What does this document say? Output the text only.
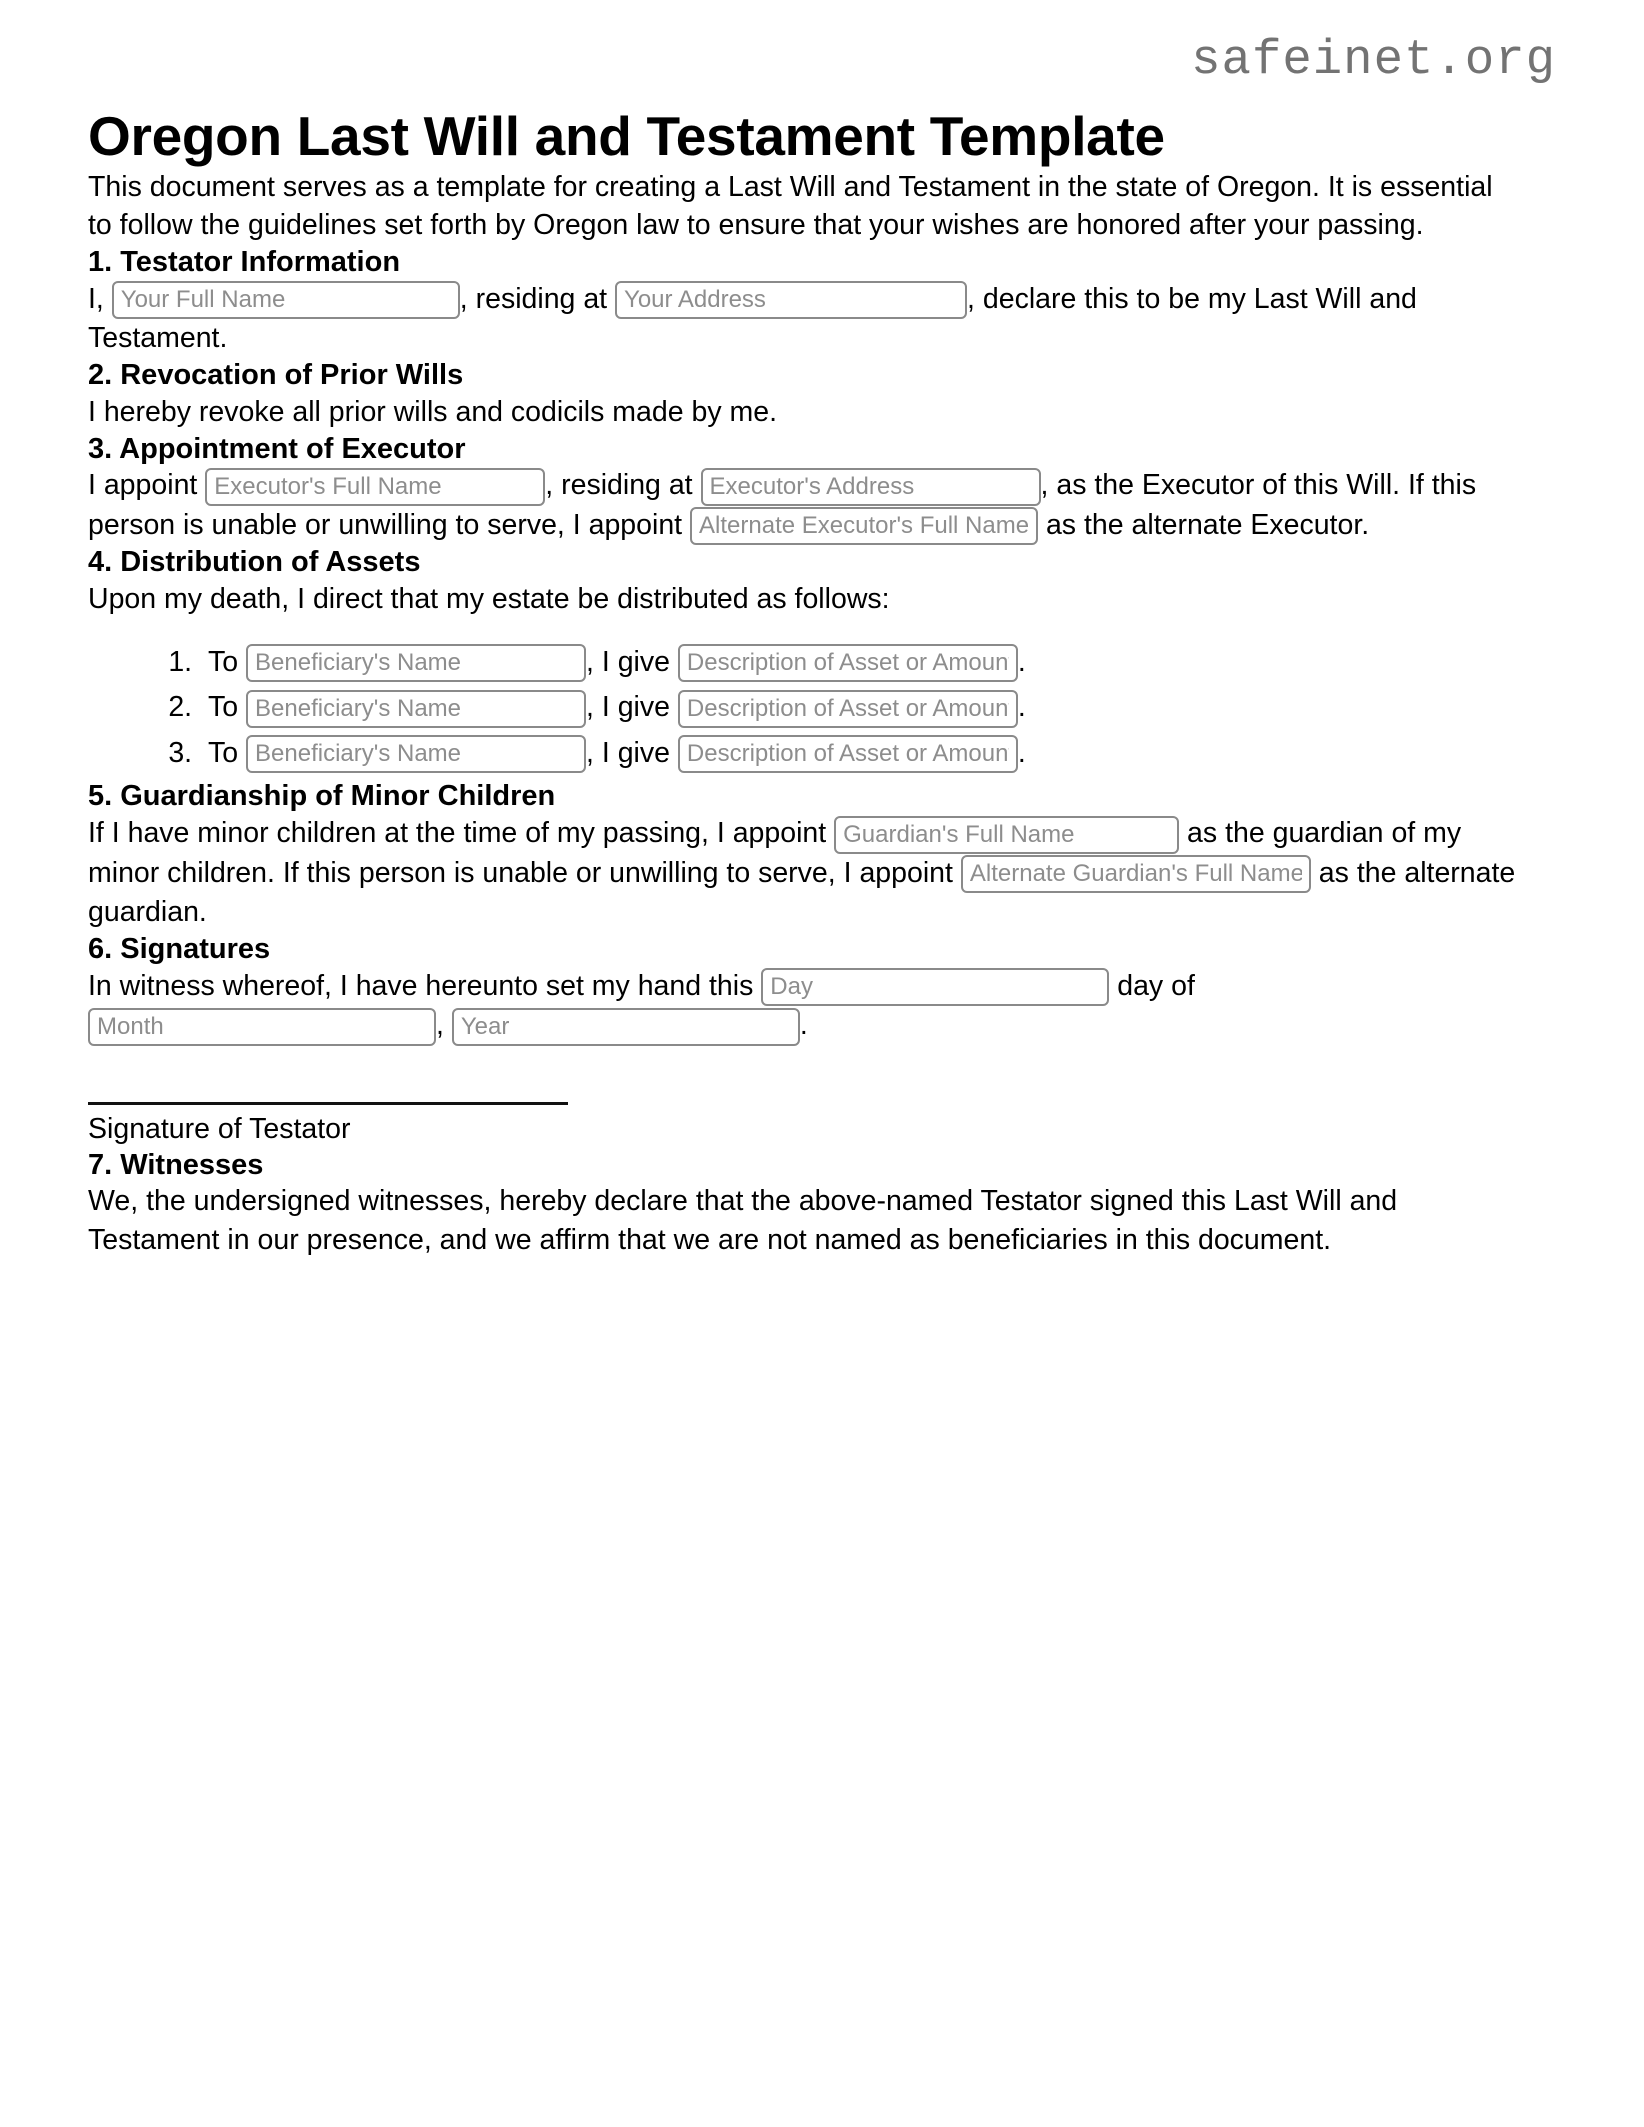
safeinet.org
Oregon Last Will and Testament Template

This document serves as a template for creating a Last Will and Testament in the state of Oregon. It is essential to follow the guidelines set forth by Oregon law to ensure that your wishes are honored after your passing.

1. Testator Information

I, Your Full Name	, residing at Your Address	, declare this to be my Last Will and Testament.

2. Revocation of Prior Wills

I hereby revoke all prior wills and codicils made by me.

3. Appointment of Executor

I appoint Executor's Full Name	, residing at Executor's Address	, as the Executor of this Will. If this person is unable or unwilling to serve, I appoint Alternate Executor's Full Name	as the alternate Executor.

4. Distribution of Assets

Upon my death, I direct that my estate be distributed as follows:

1. To Beneficiary's Name	, I give Description of Asset or Amount	.
2. To Beneficiary's Name	, I give Description of Asset or Amount	.
3. To Beneficiary's Name	, I give Description of Asset or Amount	.
5. Guardianship of Minor Children

If I have minor children at the time of my passing, I appoint Guardian's Full Name	as the guardian of my minor children. If this person is unable or unwilling to serve, I appoint Alternate Guardian's Full Name	as the alternate guardian.

6. Signatures

In witness whereof, I have hereunto set my hand this Day	day of Month, Year	.

Signature of Testator
7. Witnesses

We, the undersigned witnesses, hereby declare that the above-named Testator signed this Last Will and Testament in our presence, and we affirm that we are not named as beneficiaries in this document.
